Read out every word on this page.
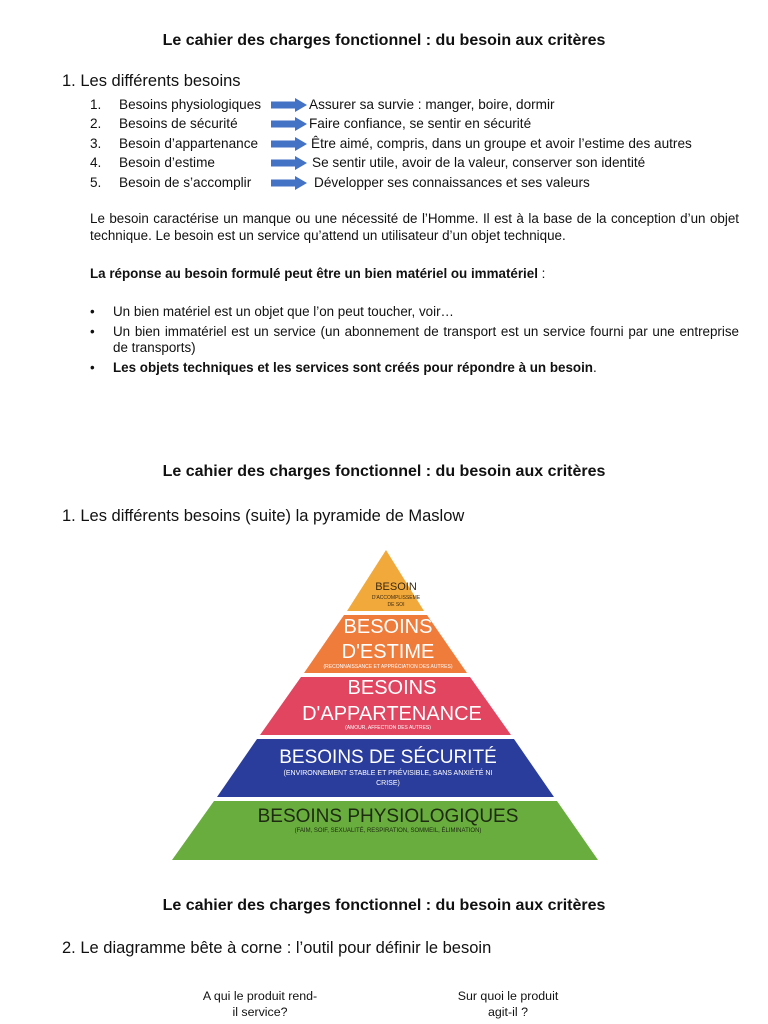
Le cahier des charges fonctionnel : du besoin aux critères
1. Les différents besoins
1. Besoins physiologiques	Assurer sa survie : manger, boire, dormir
2. Besoins de sécurité	Faire confiance, se sentir en sécurité
3. Besoin d’appartenance	Être aimé, compris, dans un groupe et avoir l’estime des autres
4. Besoin d’estime	Se sentir utile, avoir de la valeur, conserver son identité
5. Besoin de s’accomplir	Développer ses connaissances et ses valeurs
Le besoin caractérise un manque ou une nécessité de l’Homme. Il est à la base de la conception d’un objet technique. Le besoin est un service qu’attend un utilisateur d’un objet technique.
La réponse au besoin formulé peut être un bien matériel ou immatériel :
• Un bien matériel est un objet que l’on peut toucher, voir…
• Un bien immatériel est un service (un abonnement de transport est un service fourni par une entreprise de transports)
• Les objets techniques et les services sont créés pour répondre à un besoin.
Le cahier des charges fonctionnel : du besoin aux critères
1. Les différents besoins (suite) la pyramide de Maslow
BESOIN
D'ACCOMPLISSEME
DE SOI
BESOINS
D'ESTIME
(RECONNAISSANCE ET APPRÉCIATION DES AUTRES)
BESOINS
D'APPARTENANCE
(AMOUR, AFFECTION DES AUTRES)
BESOINS DE SÉCURITÉ
(ENVIRONNEMENT STABLE ET PRÉVISIBLE, SANS ANXIÉTÉ NI
CRISE)
BESOINS PHYSIOLOGIQUES
(FAIM, SOIF, SEXUALITÉ, RESPIRATION, SOMMEIL, ÉLIMINATION)
Le cahier des charges fonctionnel : du besoin aux critères
2. Le diagramme bête à corne : l’outil pour définir le besoin
A qui le produit rend-
il service?
Sur quoi le produit
agit-il ?
